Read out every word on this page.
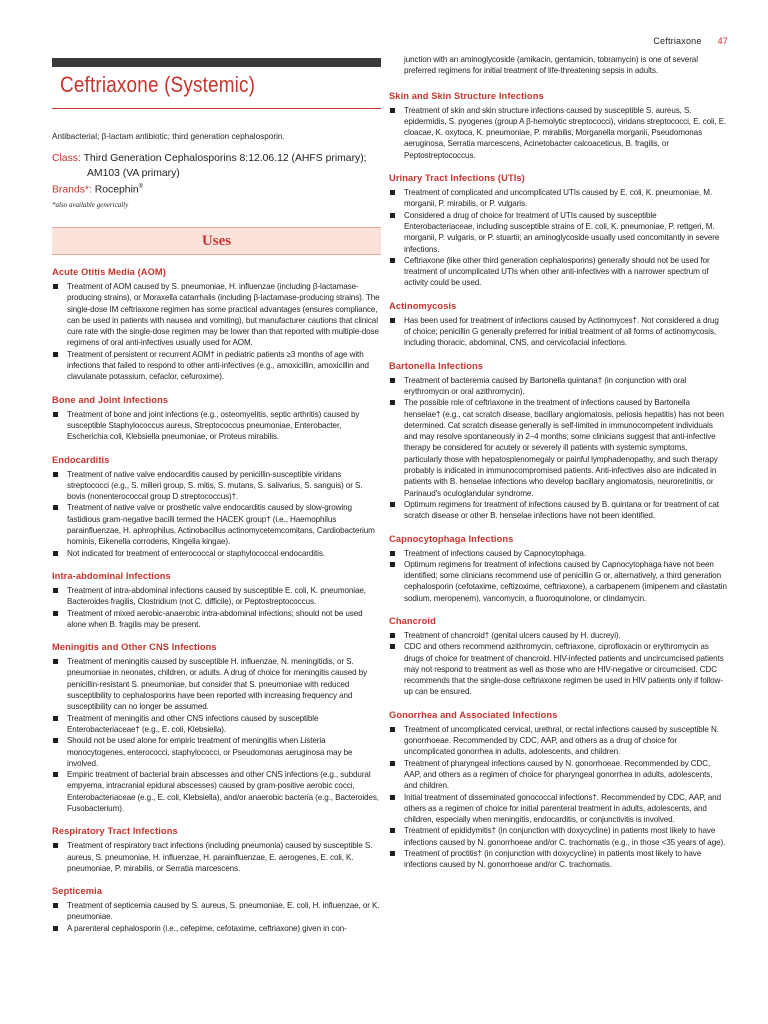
Ceftriaxone 47
Ceftriaxone (Systemic)
Antibacterial; β-lactam antibiotic; third generation cephalosporin.
Class: Third Generation Cephalosporins 8:12.06.12 (AHFS primary);
AM103 (VA primary)
Brands*: Rocephin®
*also available generically
Uses
Acute Otitis Media (AOM)
Treatment of AOM caused by S. pneumoniae, H. influenzae (including β-lactamase-producing strains), or Moraxella catarrhalis (including β-lactamase-producing strains). The single-dose IM ceftriaxone regimen has some practical advantages (ensures compliance, can be used in patients with nausea and vomiting), but manufacturer cautions that clinical cure rate with the single-dose regimen may be lower than that reported with multiple-dose regimens of oral anti-infectives usually used for AOM.
Treatment of persistent or recurrent AOM† in pediatric patients ≥3 months of age with infections that failed to respond to other anti-infectives (e.g., amoxicillin, amoxicillin and clavulanate potassium, cefaclor, cefuroxime).
Bone and Joint Infections
Treatment of bone and joint infections (e.g., osteomyelitis, septic arthritis) caused by susceptible Staphylococcus aureus, Streptococcus pneumoniae, Enterobacter, Escherichia coli, Klebsiella pneumoniae, or Proteus mirabilis.
Endocarditis
Treatment of native valve endocarditis caused by penicillin-susceptible viridans streptococci (e.g., S. milleri group, S. mitis, S. mutans, S. salivarius, S. sanguis) or S. bovis (nonenterococcal group D streptococcus)†.
Treatment of native valve or prosthetic valve endocarditis caused by slow-growing fastidious gram-negative bacilli termed the HACEK group† (i.e., Haemophilus parainfluenzae, H. aphrophilus, Actinobacillus actinomycetemcomitans, Cardiobacterium hominis, Eikenella corrodens, Kingella kingae).
Not indicated for treatment of enterococcal or staphylococcal endocarditis.
Intra-abdominal Infections
Treatment of intra-abdominal infections caused by susceptible E. coli, K. pneumoniae, Bacteroides fragilis, Clostridium (not C. difficile), or Peptostreptococcus.
Treatment of mixed aerobic-anaerobic intra-abdominal infections; should not be used alone when B. fragilis may be present.
Meningitis and Other CNS Infections
Treatment of meningitis caused by susceptible H. influenzae, N. meningitidis, or S. pneumoniae in neonates, children, or adults. A drug of choice for meningitis caused by penicillin-resistant S. pneumoniae, but consider that S. pneumoniae with reduced susceptibility to cephalosporins have been reported with increasing frequency and susceptibility can no longer be assumed.
Treatment of meningitis and other CNS infections caused by susceptible Enterobacteriaceae† (e.g., E. coli, Klebsiella).
Should not be used alone for empiric treatment of meningitis when Listeria monocytogenes, enterococci, staphylococci, or Pseudomonas aeruginosa may be involved.
Empiric treatment of bacterial brain abscesses and other CNS infections (e.g., subdural empyema, intracranial epidural abscesses) caused by gram-positive aerobic cocci, Enterobacteriaceae (e.g., E. coli, Klebsiella), and/or anaerobic bacteria (e.g., Bacteroides, Fusobacterium).
Respiratory Tract Infections
Treatment of respiratory tract infections (including pneumonia) caused by susceptible S. aureus, S. pneumoniae, H. influenzae, H. parainfluenzae, E. aerogenes, E. coli, K. pneumoniae, P. mirabilis, or Serratia marcescens.
Septicemia
Treatment of septicemia caused by S. aureus, S. pneumoniae, E. coli, H. influenzae, or K. pneumoniae.
A parenteral cephalosporin (i.e., cefepime, cefotaxime, ceftriaxone) given in con-
junction with an aminoglycoside (amikacin, gentamicin, tobramycin) is one of several preferred regimens for initial treatment of life-threatening sepsis in adults.
Skin and Skin Structure Infections
Treatment of skin and skin structure infections caused by susceptible S. aureus, S. epidermidis, S. pyogenes (group A β-hemolytic streptococci), viridans streptococci, E. coli, E. cloacae, K. oxytoca, K. pneumoniae, P. mirabilis, Morganella morganii, Pseudomonas aeruginosa, Serratia marcescens, Acinetobacter calcoaceticus, B. fragilis, or Peptostreptococcus.
Urinary Tract Infections (UTIs)
Treatment of complicated and uncomplicated UTIs caused by E. coli, K. pneumoniae, M. morganii, P. mirabilis, or P. vulgaris.
Considered a drug of choice for treatment of UTIs caused by susceptible Enterobacteriaceae, including susceptible strains of E. coli, K. pneumoniae, P. rettgeri, M. morganii, P. vulgaris, or P. stuartii; an aminoglycoside usually used concomitantly in severe infections.
Ceftriaxone (like other third generation cephalosporins) generally should not be used for treatment of uncomplicated UTIs when other anti-infectives with a narrower spectrum of activity could be used.
Actinomycosis
Has been used for treatment of infections caused by Actinomyces†. Not considered a drug of choice; penicillin G generally preferred for initial treatment of all forms of actinomycosis, including thoracic, abdominal, CNS, and cervicofacial infections.
Bartonella Infections
Treatment of bacteremia caused by Bartonella quintana† (in conjunction with oral erythromycin or oral azithromycin).
The possible role of ceftriaxone in the treatment of infections caused by Bartonella henselae† (e.g., cat scratch disease, bacillary angiomatosis, peliosis hepatitis) has not been determined. Cat scratch disease generally is self-limited in immunocompetent individuals and may resolve spontaneously in 2–4 months; some clinicians suggest that anti-infective therapy be considered for acutely or severely ill patients with systemic symptoms, particularly those with hepatosplenomegaly or painful lymphadenopathy, and such therapy probably is indicated in immunocompromised patients. Anti-infectives also are indicated in patients with B. henselae infections who develop bacillary angiomatosis, neuroretinitis, or Parinaud's oculoglandular syndrome.
Optimum regimens for treatment of infections caused by B. quintana or for treatment of cat scratch disease or other B. henselae infections have not been identified.
Capnocytophaga Infections
Treatment of infections caused by Capnocytophaga.
Optimum regimens for treatment of infections caused by Capnocytophaga have not been identified; some clinicians recommend use of penicillin G or, alternatively, a third generation cephalosporin (cefotaxime, ceftizoxime, ceftriaxone), a carbapenem (imipenem and cilastatin sodium, meropenem), vancomycin, a fluoroquinolone, or clindamycin.
Chancroid
Treatment of chancroid† (genital ulcers caused by H. ducreyi).
CDC and others recommend azithromycin, ceftriaxone, ciprofloxacin or erythromycin as drugs of choice for treatment of chancroid. HIV-infected patients and uncircumcised patients may not respond to treatment as well as those who are HIV-negative or circumcised. CDC recommends that the single-dose ceftriaxone regimen be used in HIV patients only if follow-up can be ensured.
Gonorrhea and Associated Infections
Treatment of uncomplicated cervical, urethral, or rectal infections caused by susceptible N. gonorrhoeae. Recommended by CDC, AAP, and others as a drug of choice for uncomplicated gonorrhea in adults, adolescents, and children.
Treatment of pharyngeal infections caused by N. gonorrhoeae. Recommended by CDC, AAP, and others as a regimen of choice for pharyngeal gonorrhea in adults, adolescents, and children.
Initial treatment of disseminated gonococcal infections†. Recommended by CDC, AAP, and others as a regimen of choice for initial parenteral treatment in adults, adolescents, and children, especially when meningitis, endocarditis, or conjunctivitis is involved.
Treatment of epididymitis† (in conjunction with doxycycline) in patients most likely to have infections caused by N. gonorrhoeae and/or C. trachomatis (e.g., in those <35 years of age).
Treatment of proctitis† (in conjunction with doxycycline) in patients most likely to have infections caused by N. gonorrhoeae and/or C. trachomatis.
